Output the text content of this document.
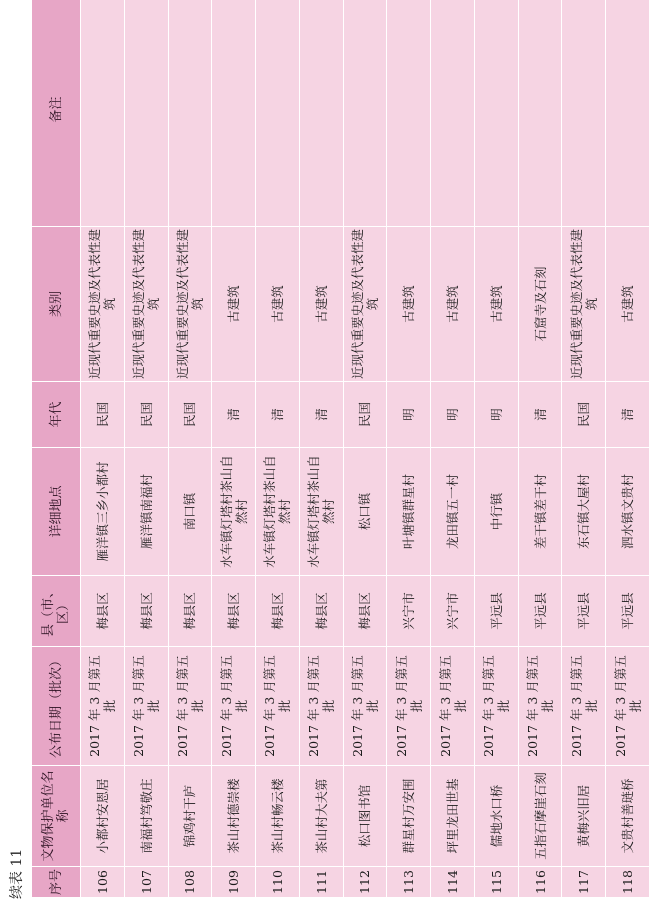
续表 11	序号
文物保护单位名称
公布日期（批次）
县（市、区）
详细地点
年代
类别
备注
106
小都村安恩居
2017 年 3 月第五批
梅县区
雁洋镇三乡小都村
民国
近现代重要史迹及代表性建筑
107
南福村笃敬庄
2017 年 3 月第五批
梅县区
雁洋镇南福村
民国
近现代重要史迹及代表性建筑
108
锦鸡村干庐
2017 年 3 月第五批
梅县区
南口镇
民国
近现代重要史迹及代表性建筑
109
茶山村德崇楼
2017 年 3 月第五批
梅县区
水车镇灯塔村茶山自然村
清
古建筑
110
茶山村畅云楼
2017 年 3 月第五批
梅县区
水车镇灯塔村茶山自然村
清
古建筑
111
茶山村大夫第
2017 年 3 月第五批
梅县区
水车镇灯塔村茶山自然村
清
古建筑
112
松口图书馆
2017 年 3 月第五批
梅县区
松口镇
民国
近现代重要史迹及代表性建筑
113
群星村万安围
2017 年 3 月第五批
兴宁市
叶塘镇群星村
明
古建筑
114
坪里龙田世基
2017 年 3 月第五批
兴宁市
龙田镇五一村
明
古建筑
115
儒地水口桥
2017 年 3 月第五批
平远县
中行镇
明
古建筑
116
五指石摩崖石刻
2017 年 3 月第五批
平远县
差干镇差干村
清
石窟寺及石刻
117
黄梅兴旧居
2017 年 3 月第五批
平远县
东石镇大屋村
民国
近现代重要史迹及代表性建筑
118
文贵村善琏桥
2017 年 3 月第五批
平远县
泗水镇文贵村
清
古建筑
